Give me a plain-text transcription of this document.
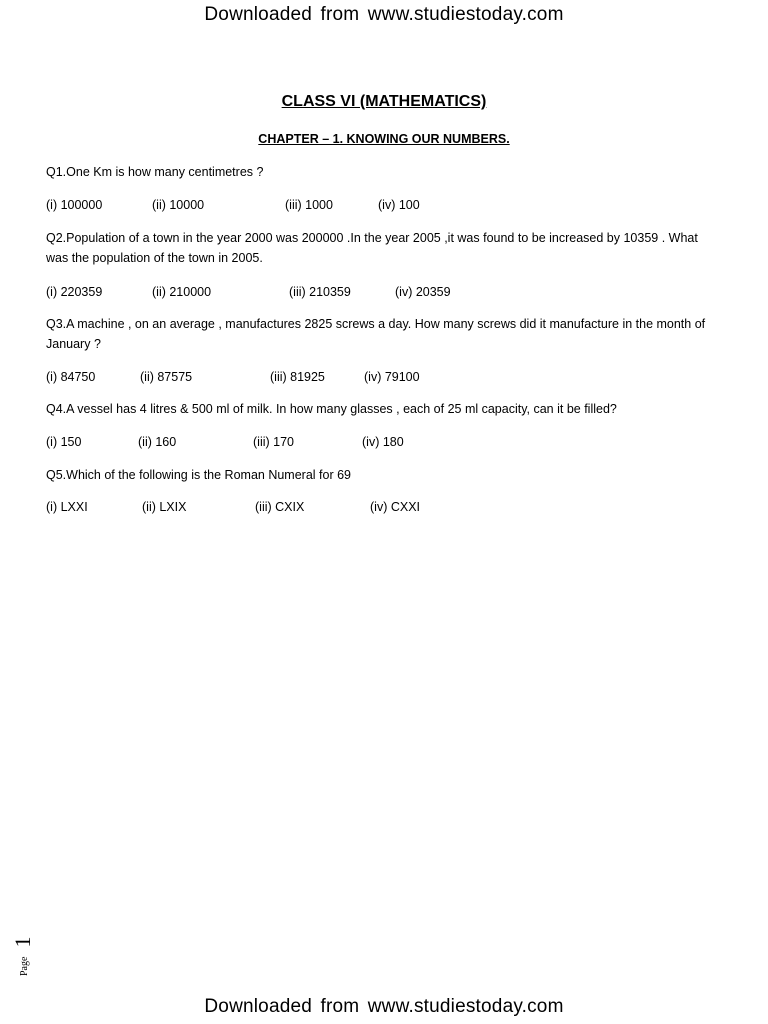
Downloaded from www.studiestoday.com
CLASS VI (MATHEMATICS)
CHAPTER – 1. KNOWING OUR NUMBERS.
Q1.One Km is how many centimetres ?
(i) 100000	(ii) 10000	(iii) 1000	(iv) 100
Q2.Population of a town in the year 2000 was 200000 .In the year 2005 ,it was found to be increased by 10359 . What was the population of the town in 2005.
(i) 220359	(ii) 210000	(iii) 210359	(iv) 20359
Q3.A machine , on an average , manufactures 2825 screws a day. How many screws did it manufacture in the month of January ?
(i) 84750	(ii) 87575	(iii) 81925	(iv) 79100
Q4.A vessel has 4 litres & 500 ml of milk. In how many glasses , each of 25 ml capacity, can it be filled?
(i) 150	(ii) 160	(iii) 170	(iv) 180
Q5.Which of the following is the Roman Numeral for 69
(i) LXXI	(ii) LXIX	(iii) CXIX	(iv) CXXI
1
Page
Downloaded from www.studiestoday.com
